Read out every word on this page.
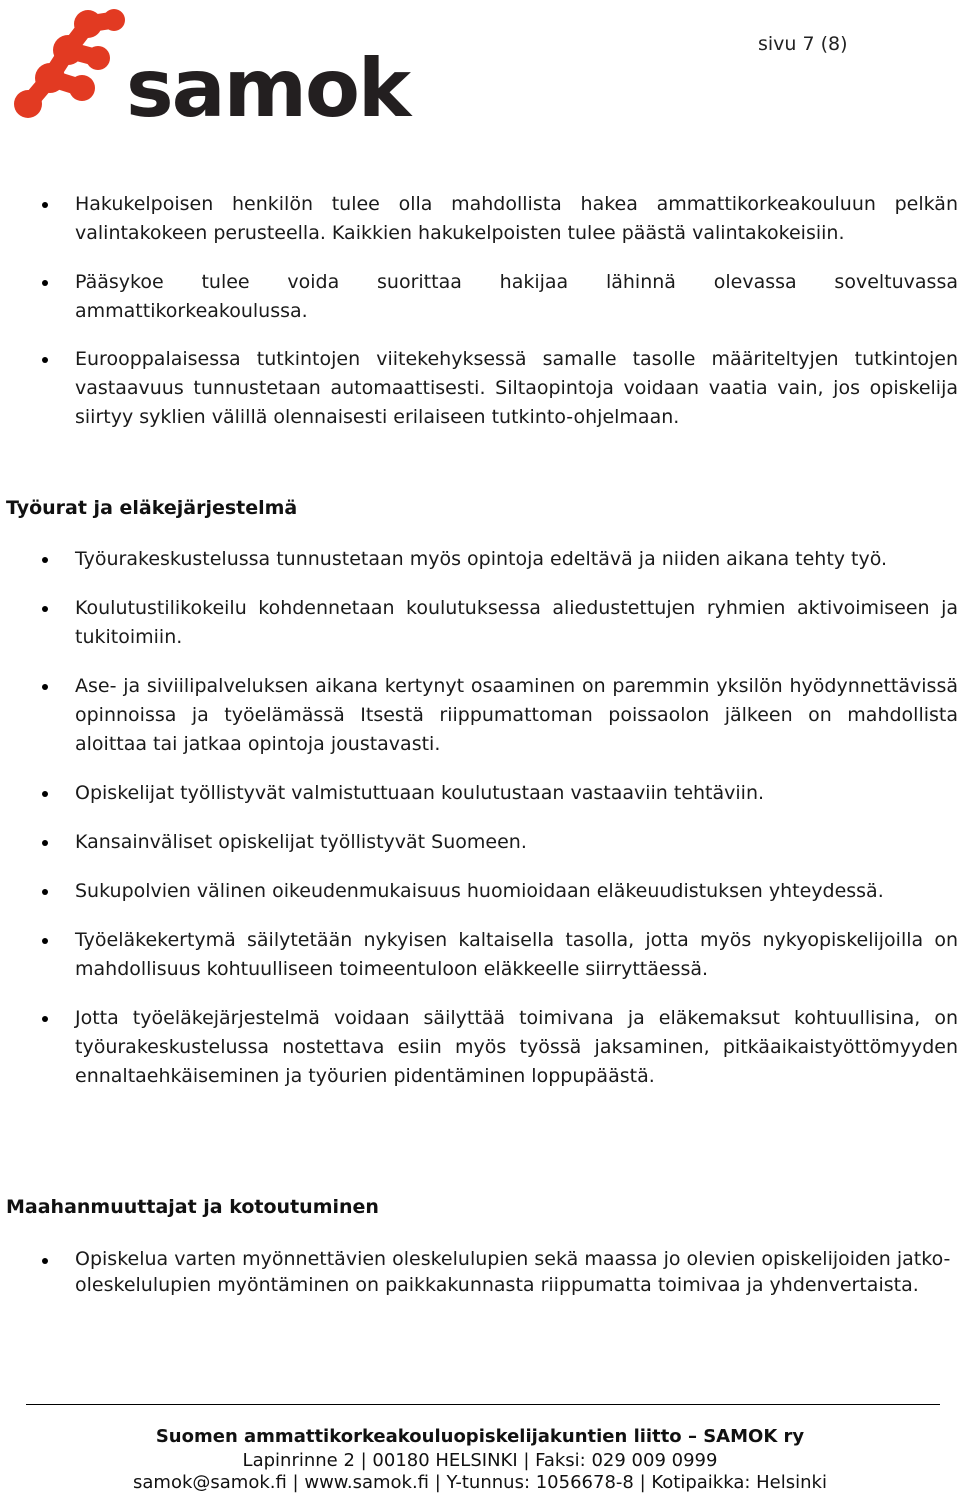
samok	sivu 7 (8)
Hakukelpoisen henkilön tulee olla mahdollista hakea ammattikorkeakouluun pelkän valintakokeen perusteella. Kaikkien hakukelpoisten tulee päästä valintakokeisiin.
Pääsykoe tulee voida suorittaa hakijaa lähinnä olevassa soveltuvassa ammattikorkeakoulussa.
Eurooppalaisessa tutkintojen viitekehyksessä samalle tasolle määriteltyjen tutkintojen vastaavuus tunnustetaan automaattisesti. Siltaopintoja voidaan vaatia vain, jos opiskelija siirtyy syklien välillä olennaisesti erilaiseen tutkinto-ohjelmaan.
Työurat ja eläkejärjestelmä
Työurakeskustelussa tunnustetaan myös opintoja edeltävä ja niiden aikana tehty työ.
Koulutustilikokeilu kohdennetaan koulutuksessa aliedustettujen ryhmien aktivoimiseen ja tukitoimiin.
Ase- ja siviilipalveluksen aikana kertynyt osaaminen on paremmin yksilön hyödynnettävissä opinnoissa ja työelämässä Itsestä riippumattoman poissaolon jälkeen on mahdollista aloittaa tai jatkaa opintoja joustavasti.
Opiskelijat työllistyvät valmistuttuaan koulutustaan vastaaviin tehtäviin.
Kansainväliset opiskelijat työllistyvät Suomeen.
Sukupolvien välinen oikeudenmukaisuus huomioidaan eläkeuudistuksen yhteydessä.
Työeläkekertymä säilytetään nykyisen kaltaisella tasolla, jotta myös nykyopiskelijoilla on mahdollisuus kohtuulliseen toimeentuloon eläkkeelle siirryttäessä.
Jotta työeläkejärjestelmä voidaan säilyttää toimivana ja eläkemaksut kohtuullisina, on työurakeskustelussa nostettava esiin myös työssä jaksaminen, pitkäaikaistyöttömyyden ennaltaehkäiseminen ja työurien pidentäminen loppupäästä.
Maahanmuuttajat ja kotoutuminen
Opiskelua varten myönnettävien oleskelulupien sekä maassa jo olevien opiskelijoiden jatko-oleskelulupien myöntäminen on paikkakunnasta riippumatta toimivaa ja yhdenvertaista.
Suomen ammattikorkeakouluopiskelijakuntien liitto – SAMOK ry
Lapinrinne 2 | 00180 HELSINKI | Faksi: 029 009 0999
samok@samok.fi | www.samok.fi | Y-tunnus: 1056678-8 | Kotipaikka: Helsinki
